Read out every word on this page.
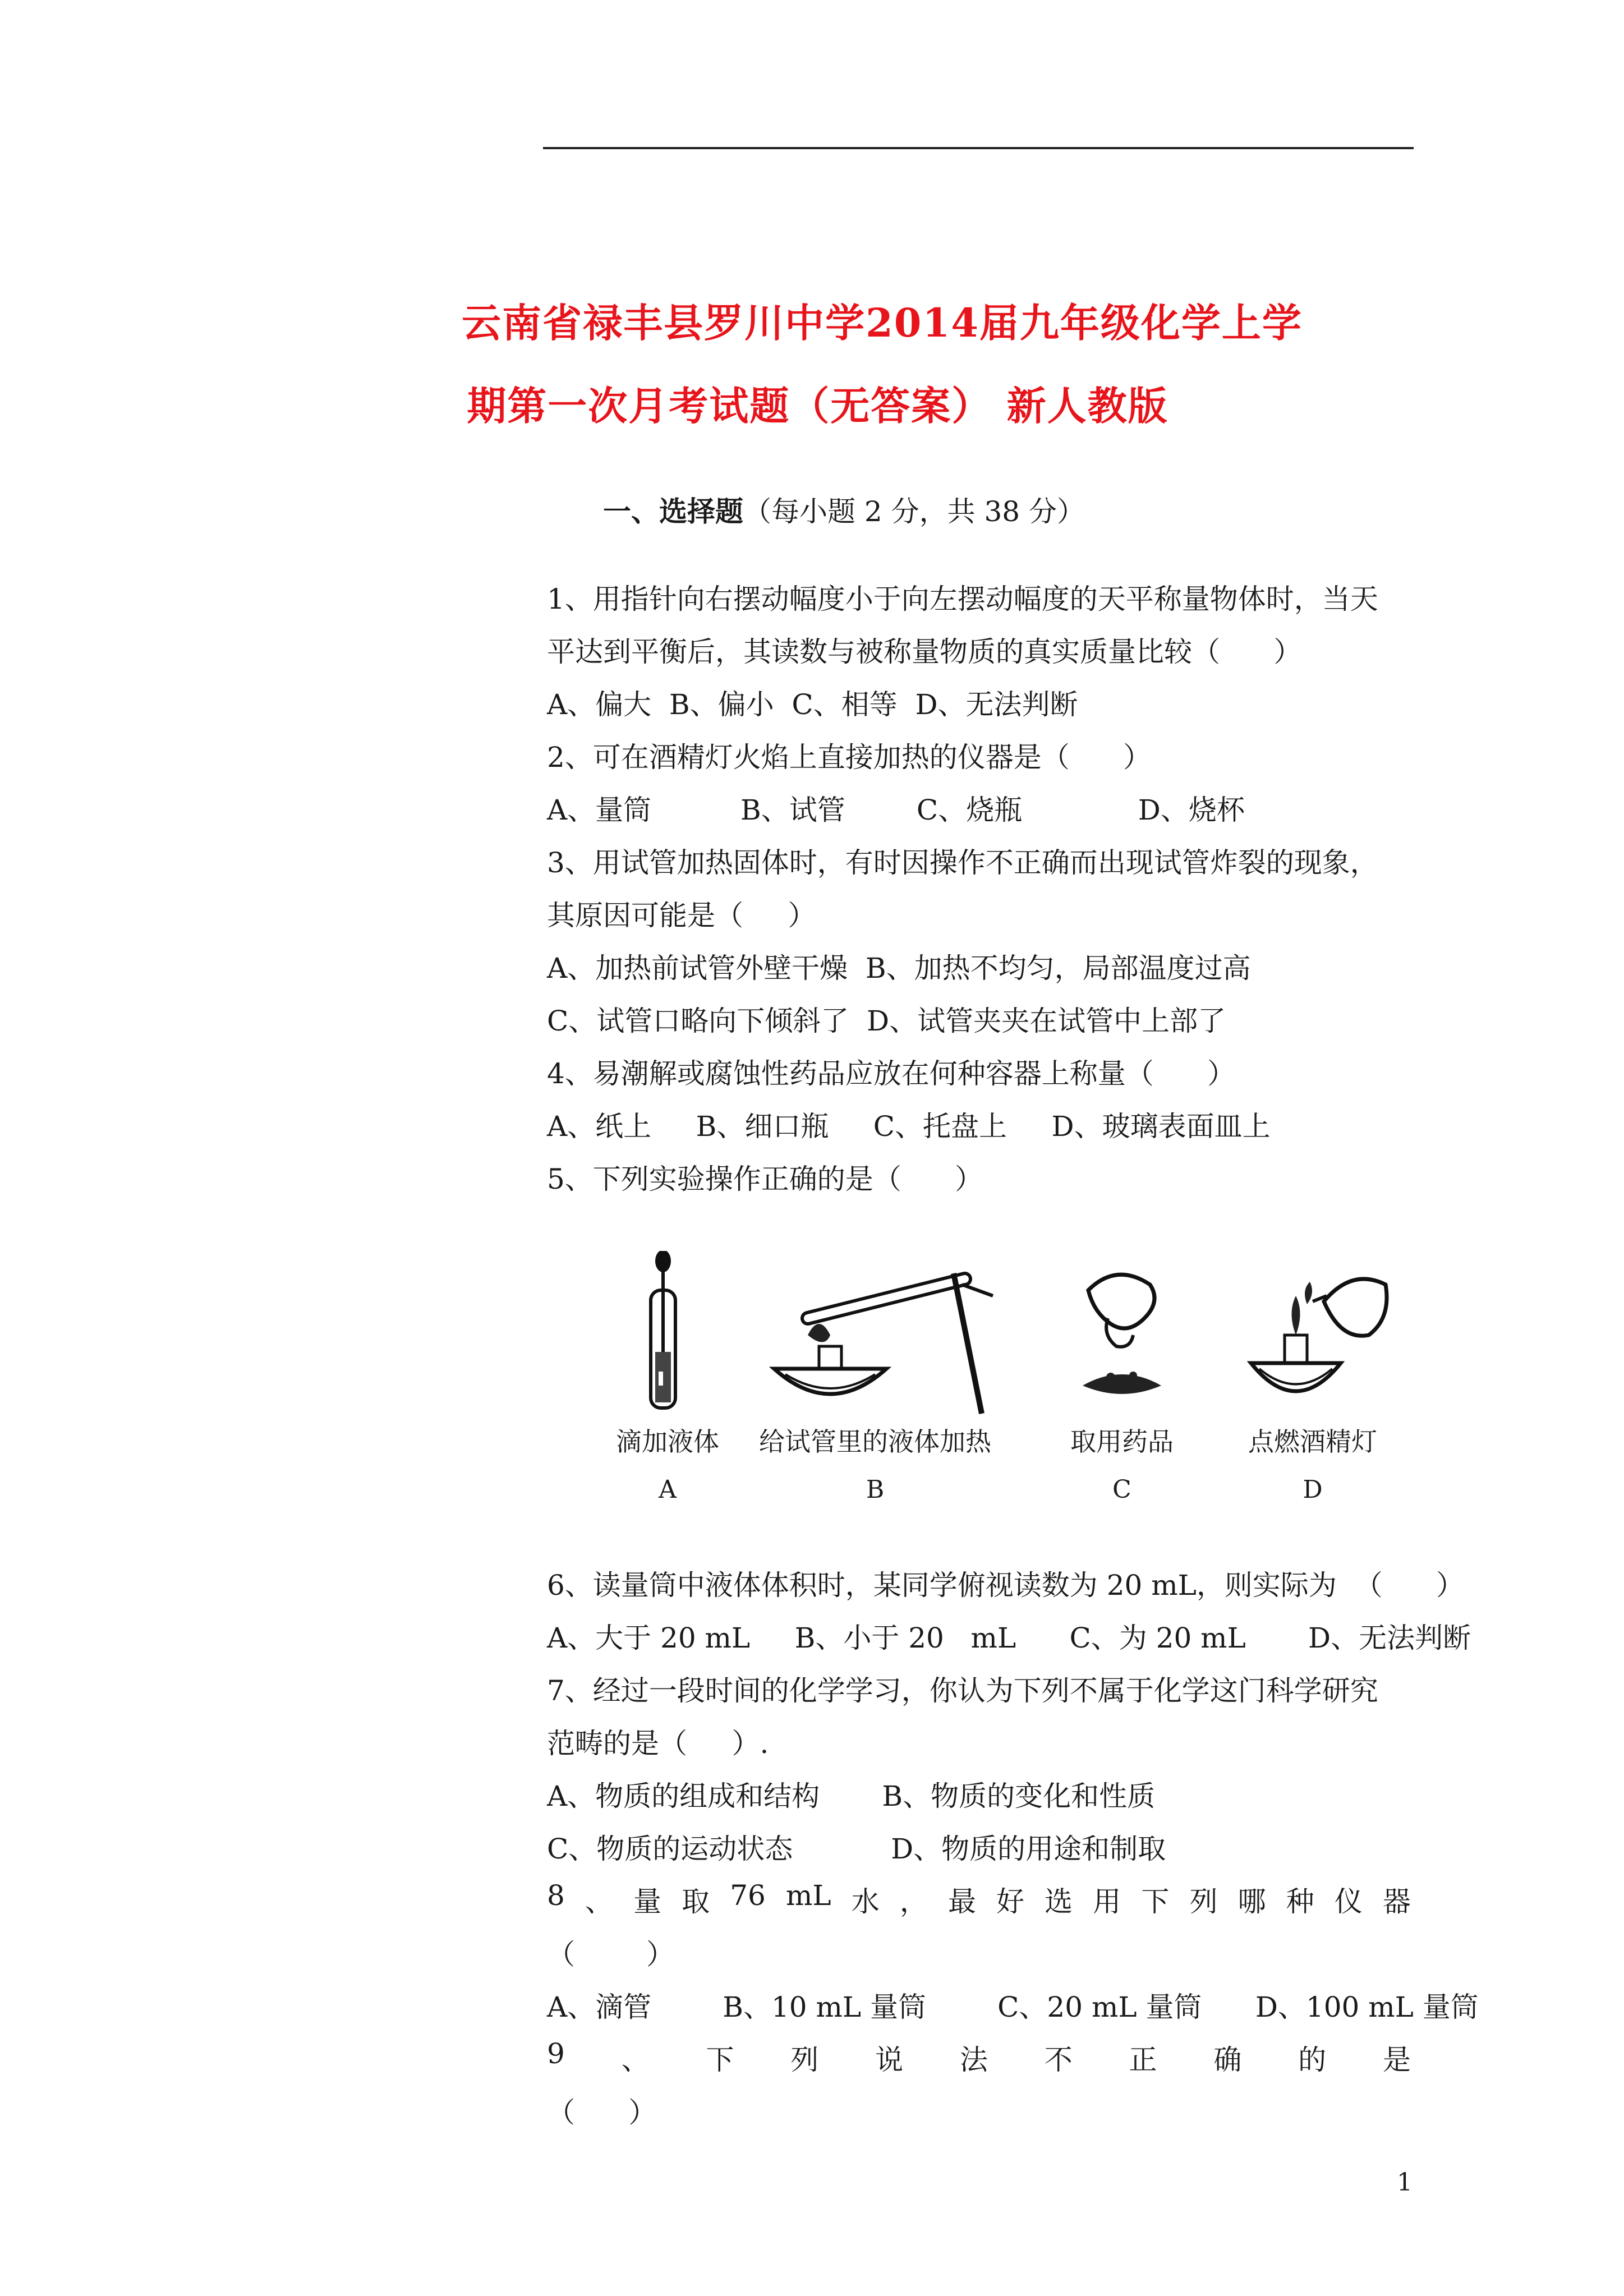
云南省禄丰县罗川中学2014届九年级化学上学
期第一次月考试题（无答案） 新人教版
一、选择题（每小题 2 分，共 38 分）
1、用指针向右摆动幅度小于向左摆动幅度的天平称量物体时，当天
平达到平衡后，其读数与被称量物质的真实质量比较（      ）
A、偏大  B、偏小  C、相等  D、无法判断
2、可在酒精灯火焰上直接加热的仪器是（      ）
A、量筒          B、试管        C、烧瓶             D、烧杯
3、用试管加热固体时，有时因操作不正确而出现试管炸裂的现象，
其原因可能是（     ）
A、加热前试管外壁干燥  B、加热不均匀，局部温度过高
C、试管口略向下倾斜了  D、试管夹夹在试管中上部了
4、易潮解或腐蚀性药品应放在何种容器上称量（      ）
A、纸上     B、细口瓶     C、托盘上     D、玻璃表面皿上
5、下列实验操作正确的是（      ）
滴加液体
A
给试管里的液体加热
B
取用药品
C
点燃酒精灯
D
6、读量筒中液体体积时，某同学俯视读数为 20 mL，则实际为  （      ）
A、大于 20 mL     B、小于 20   mL      C、为 20 mL       D、无法判断
7、经过一段时间的化学学习，你认为下列不属于化学这门科学研究
范畴的是（     ）.
A、物质的组成和结构       B、物质的变化和性质
C、物质的运动状态           D、物质的用途和制取
8 、 量 取 76 mL 水 ， 最 好 选 用 下 列 哪 种 仪 器
（        ）
A、滴管        B、10 mL 量筒        C、20 mL 量筒      D、100 mL 量筒
9 、 下 列 说 法 不 正 确 的 是
（      ）
1
